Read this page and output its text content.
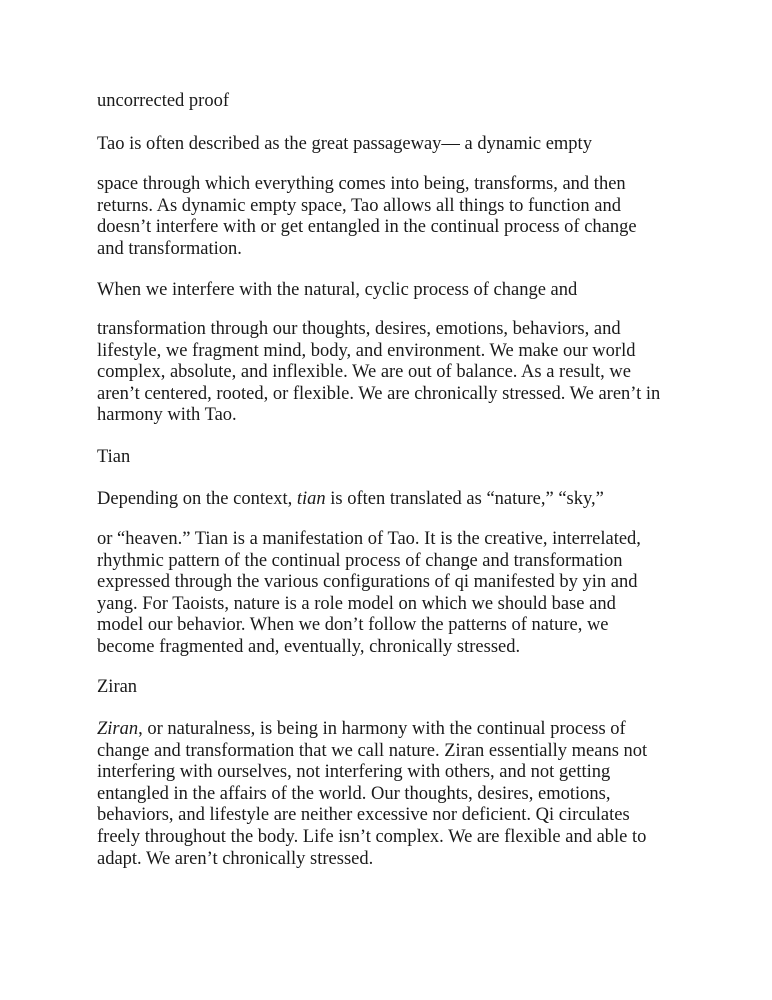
uncorrected proof
Tao is often described as the great passageway— a dynamic empty
space through which everything comes into being, transforms, and then
returns. As dynamic empty space, Tao allows all things to function and
doesn’t interfere with or get entangled in the continual process of change
and transformation.
When we interfere with the natural, cyclic process of change and
transformation through our thoughts, desires, emotions, behaviors, and
lifestyle, we fragment mind, body, and environment. We make our world
complex, absolute, and inflexible. We are out of balance. As a result, we
aren’t centered, rooted, or flexible. We are chronically stressed. We aren’t in
harmony with Tao.
Tian
Depending on the context, tian is often translated as “nature,” “sky,”
or “heaven.” Tian is a manifestation of Tao. It is the creative, interrelated,
rhythmic pattern of the continual process of change and transformation
expressed through the various configurations of qi manifested by yin and
yang. For Taoists, nature is a role model on which we should base and
model our behavior. When we don’t follow the patterns of nature, we
become fragmented and, eventually, chronically stressed.
Ziran
Ziran, or naturalness, is being in harmony with the continual process of
change and transformation that we call nature. Ziran essentially means not
interfering with ourselves, not interfering with others, and not getting
entangled in the affairs of the world. Our thoughts, desires, emotions,
behaviors, and lifestyle are neither excessive nor deficient. Qi circulates
freely throughout the body. Life isn’t complex. We are flexible and able to
adapt. We aren’t chronically stressed.
